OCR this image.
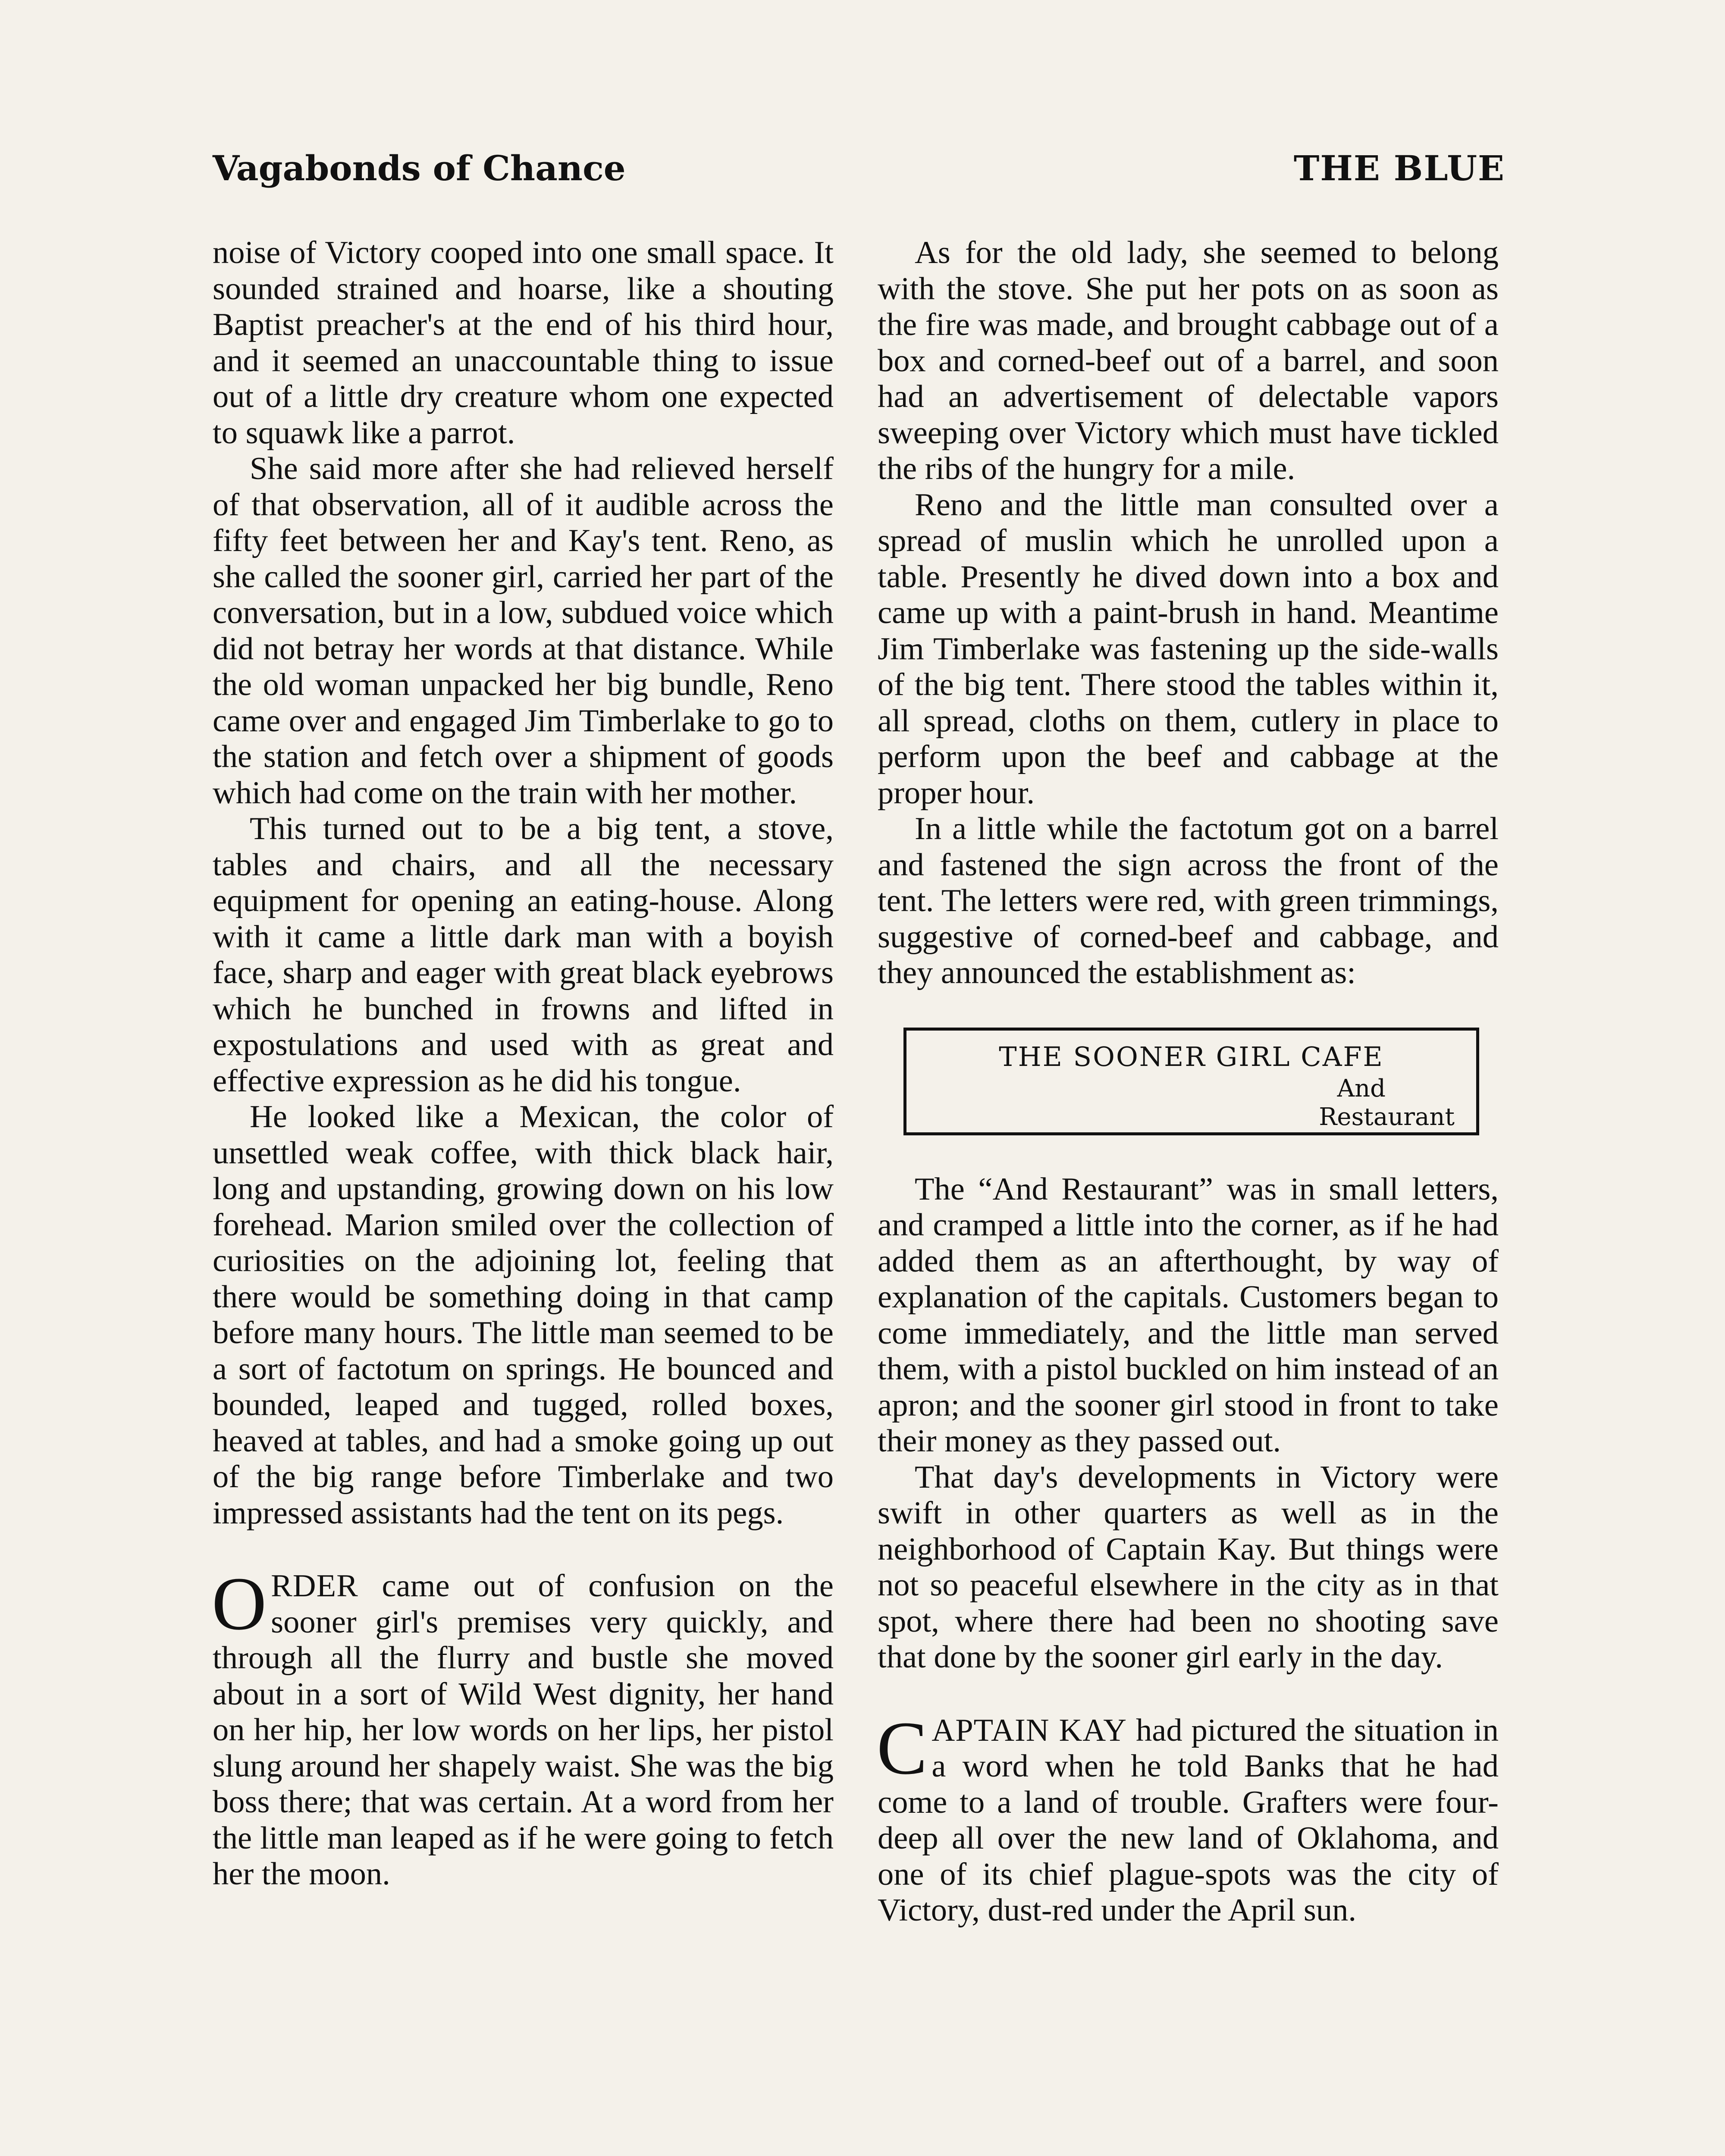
Vagabonds of Chance	THE BLUE

noise of Victory cooped into one small space. It sounded strained and hoarse, like a shouting Baptist preacher's at the end of his third hour, and it seemed an unaccountable thing to issue out of a little dry creature whom one expected to squawk like a parrot.

She said more after she had relieved herself of that observation, all of it audible across the fifty feet between her and Kay's tent. Reno, as she called the sooner girl, carried her part of the conversation, but in a low, subdued voice which did not betray her words at that distance. While the old woman unpacked her big bundle, Reno came over and engaged Jim Timberlake to go to the station and fetch over a shipment of goods which had come on the train with her mother.

This turned out to be a big tent, a stove, tables and chairs, and all the necessary equipment for opening an eating-house. Along with it came a little dark man with a boyish face, sharp and eager with great black eyebrows which he bunched in frowns and lifted in expostulations and used with as great and effective expression as he did his tongue.

He looked like a Mexican, the color of unsettled weak coffee, with thick black hair, long and upstanding, growing down on his low forehead. Marion smiled over the collection of curiosities on the adjoining lot, feeling that there would be something doing in that camp before many hours. The little man seemed to be a sort of factotum on springs. He bounced and bounded, leaped and tugged, rolled boxes, heaved at tables, and had a smoke going up out of the big range before Timberlake and two impressed assistants had the tent on its pegs.

ORDER came out of confusion on the sooner girl's premises very quickly, and through all the flurry and bustle she moved about in a sort of Wild West dignity, her hand on her hip, her low words on her lips, her pistol slung around her shapely waist. She was the big boss there; that was certain. At a word from her the little man leaped as if he were going to fetch her the moon.

As for the old lady, she seemed to belong with the stove. She put her pots on as soon as the fire was made, and brought cabbage out of a box and corned-beef out of a barrel, and soon had an advertisement of delectable vapors sweeping over Victory which must have tickled the ribs of the hungry for a mile.

Reno and the little man consulted over a spread of muslin which he unrolled upon a table. Presently he dived down into a box and came up with a paint-brush in hand. Meantime Jim Timberlake was fastening up the side-walls of the big tent. There stood the tables within it, all spread, cloths on them, cutlery in place to perform upon the beef and cabbage at the proper hour.

In a little while the factotum got on a barrel and fastened the sign across the front of the tent. The letters were red, with green trimmings, suggestive of corned-beef and cabbage, and they announced the establishment as:

THE SOONER GIRL CAFE
And
Restaurant

The “And Restaurant” was in small letters, and cramped a little into the corner, as if he had added them as an afterthought, by way of explanation of the capitals. Customers began to come immediately, and the little man served them, with a pistol buckled on him instead of an apron; and the sooner girl stood in front to take their money as they passed out.

That day's developments in Victory were swift in other quarters as well as in the neighborhood of Captain Kay. But things were not so peaceful elsewhere in the city as in that spot, where there had been no shooting save that done by the sooner girl early in the day.

CAPTAIN KAY had pictured the situation in a word when he told Banks that he had come to a land of trouble. Grafters were four-deep all over the new land of Oklahoma, and one of its chief plague-spots was the city of Victory, dust-red under the April sun.
